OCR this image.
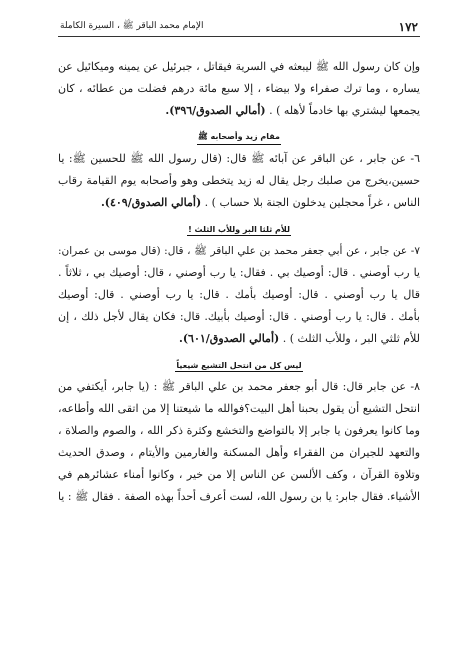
١٧٢
الإمام محمد الباقر ﷺ ، السيرة الكاملة
وإن كان رسول الله ﷺ ليبعثه في السرية فيقاتل ، جبرئيل عن يمينه وميكائيل عن
يساره ، وما ترك صفراء ولا بيضاء ، إلا سبع مائة درهم فضلت من عطائه ، كان
يجمعها ليشتري بها خادماً لأهله ) . (أمالي الصدوق/٣٩٦).
مقام زيد وأصحابه ﷺ
٦- عن جابر ، عن الباقر عن آبائه ﷺ قال: (قال رسول الله ﷺ للحسين ﷺ: يا
حسين،يخرج من صلبك رجل يقال له زيد يتخطى وهو وأصحابه يوم القيامة رقاب
الناس ، غراً محجلين يدخلون الجنة بلا حساب ) . (أمالي الصدوق/٤٠٩).
للأم ثلثا البر وللأب الثلث !
٧- عن جابر ، عن أبي جعفر محمد بن علي الباقر ﷺ ، قال: (قال موسى بن عمران:
يا رب أوصني . قال: أوصيك بي . فقال: يا رب أوصني ، قال: أوصيك بي ، ثلاثاً .
قال يا رب أوصني . قال: أوصيك بأمك . قال: يا رب أوصني . قال: أوصيك
بأمك . قال: يا رب أوصني . قال: أوصيك بأبيك. قال: فكان يقال لأجل ذلك ، إن
للأم ثلثي البر ، وللأب الثلث ) . (أمالي الصدوق/٦٠١).
ليس كل من انتحل التشيع شيعياً
٨- عن جابر قال: قال أبو جعفر محمد بن علي الباقر ﷺ : (يا جابر، أيكتفي من
انتحل التشيع أن يقول بحبنا أهل البيت؟فوالله ما شيعتنا إلا من اتقى الله وأطاعه،
وما كانوا يعرفون يا جابر إلا بالتواضع والتخشع وكثرة ذكر الله ، والصوم والصلاة ،
والتعهد للجيران من الفقراء وأهل المسكنة والغارمين والأيتام ، وصدق الحديث
وتلاوة القرآن ، وكف الألسن عن الناس إلا من خير ، وكانوا أمناء عشائرهم في
الأشياء. فقال جابر: يا بن رسول الله، لست أعرف أحداً بهذه الصفة . فقال ﷺ : يا
